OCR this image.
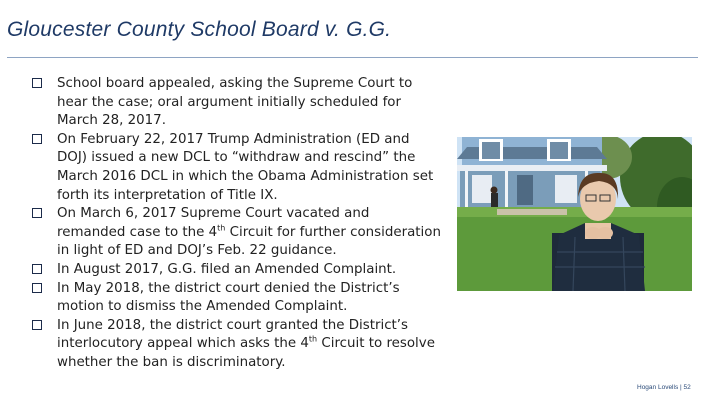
Gloucester County School Board v. G.G.
School board appealed, asking the Supreme Court to hear the case; oral argument initially scheduled for March 28, 2017.
On February 22, 2017 Trump Administration (ED and DOJ) issued a new DCL to “withdraw and rescind” the March 2016 DCL in which the Obama Administration set forth its interpretation of Title IX.
On March 6, 2017 Supreme Court vacated and remanded case to the 4th Circuit for further consideration in light of ED and DOJ’s Feb. 22 guidance.
In August 2017, G.G. filed an Amended Complaint.
In May 2018, the district court denied the District’s motion to dismiss the Amended Complaint.
In June 2018, the district court granted the District’s interlocutory appeal which asks the 4th Circuit to resolve whether the ban is discriminatory.
Hogan Lovells | 52
